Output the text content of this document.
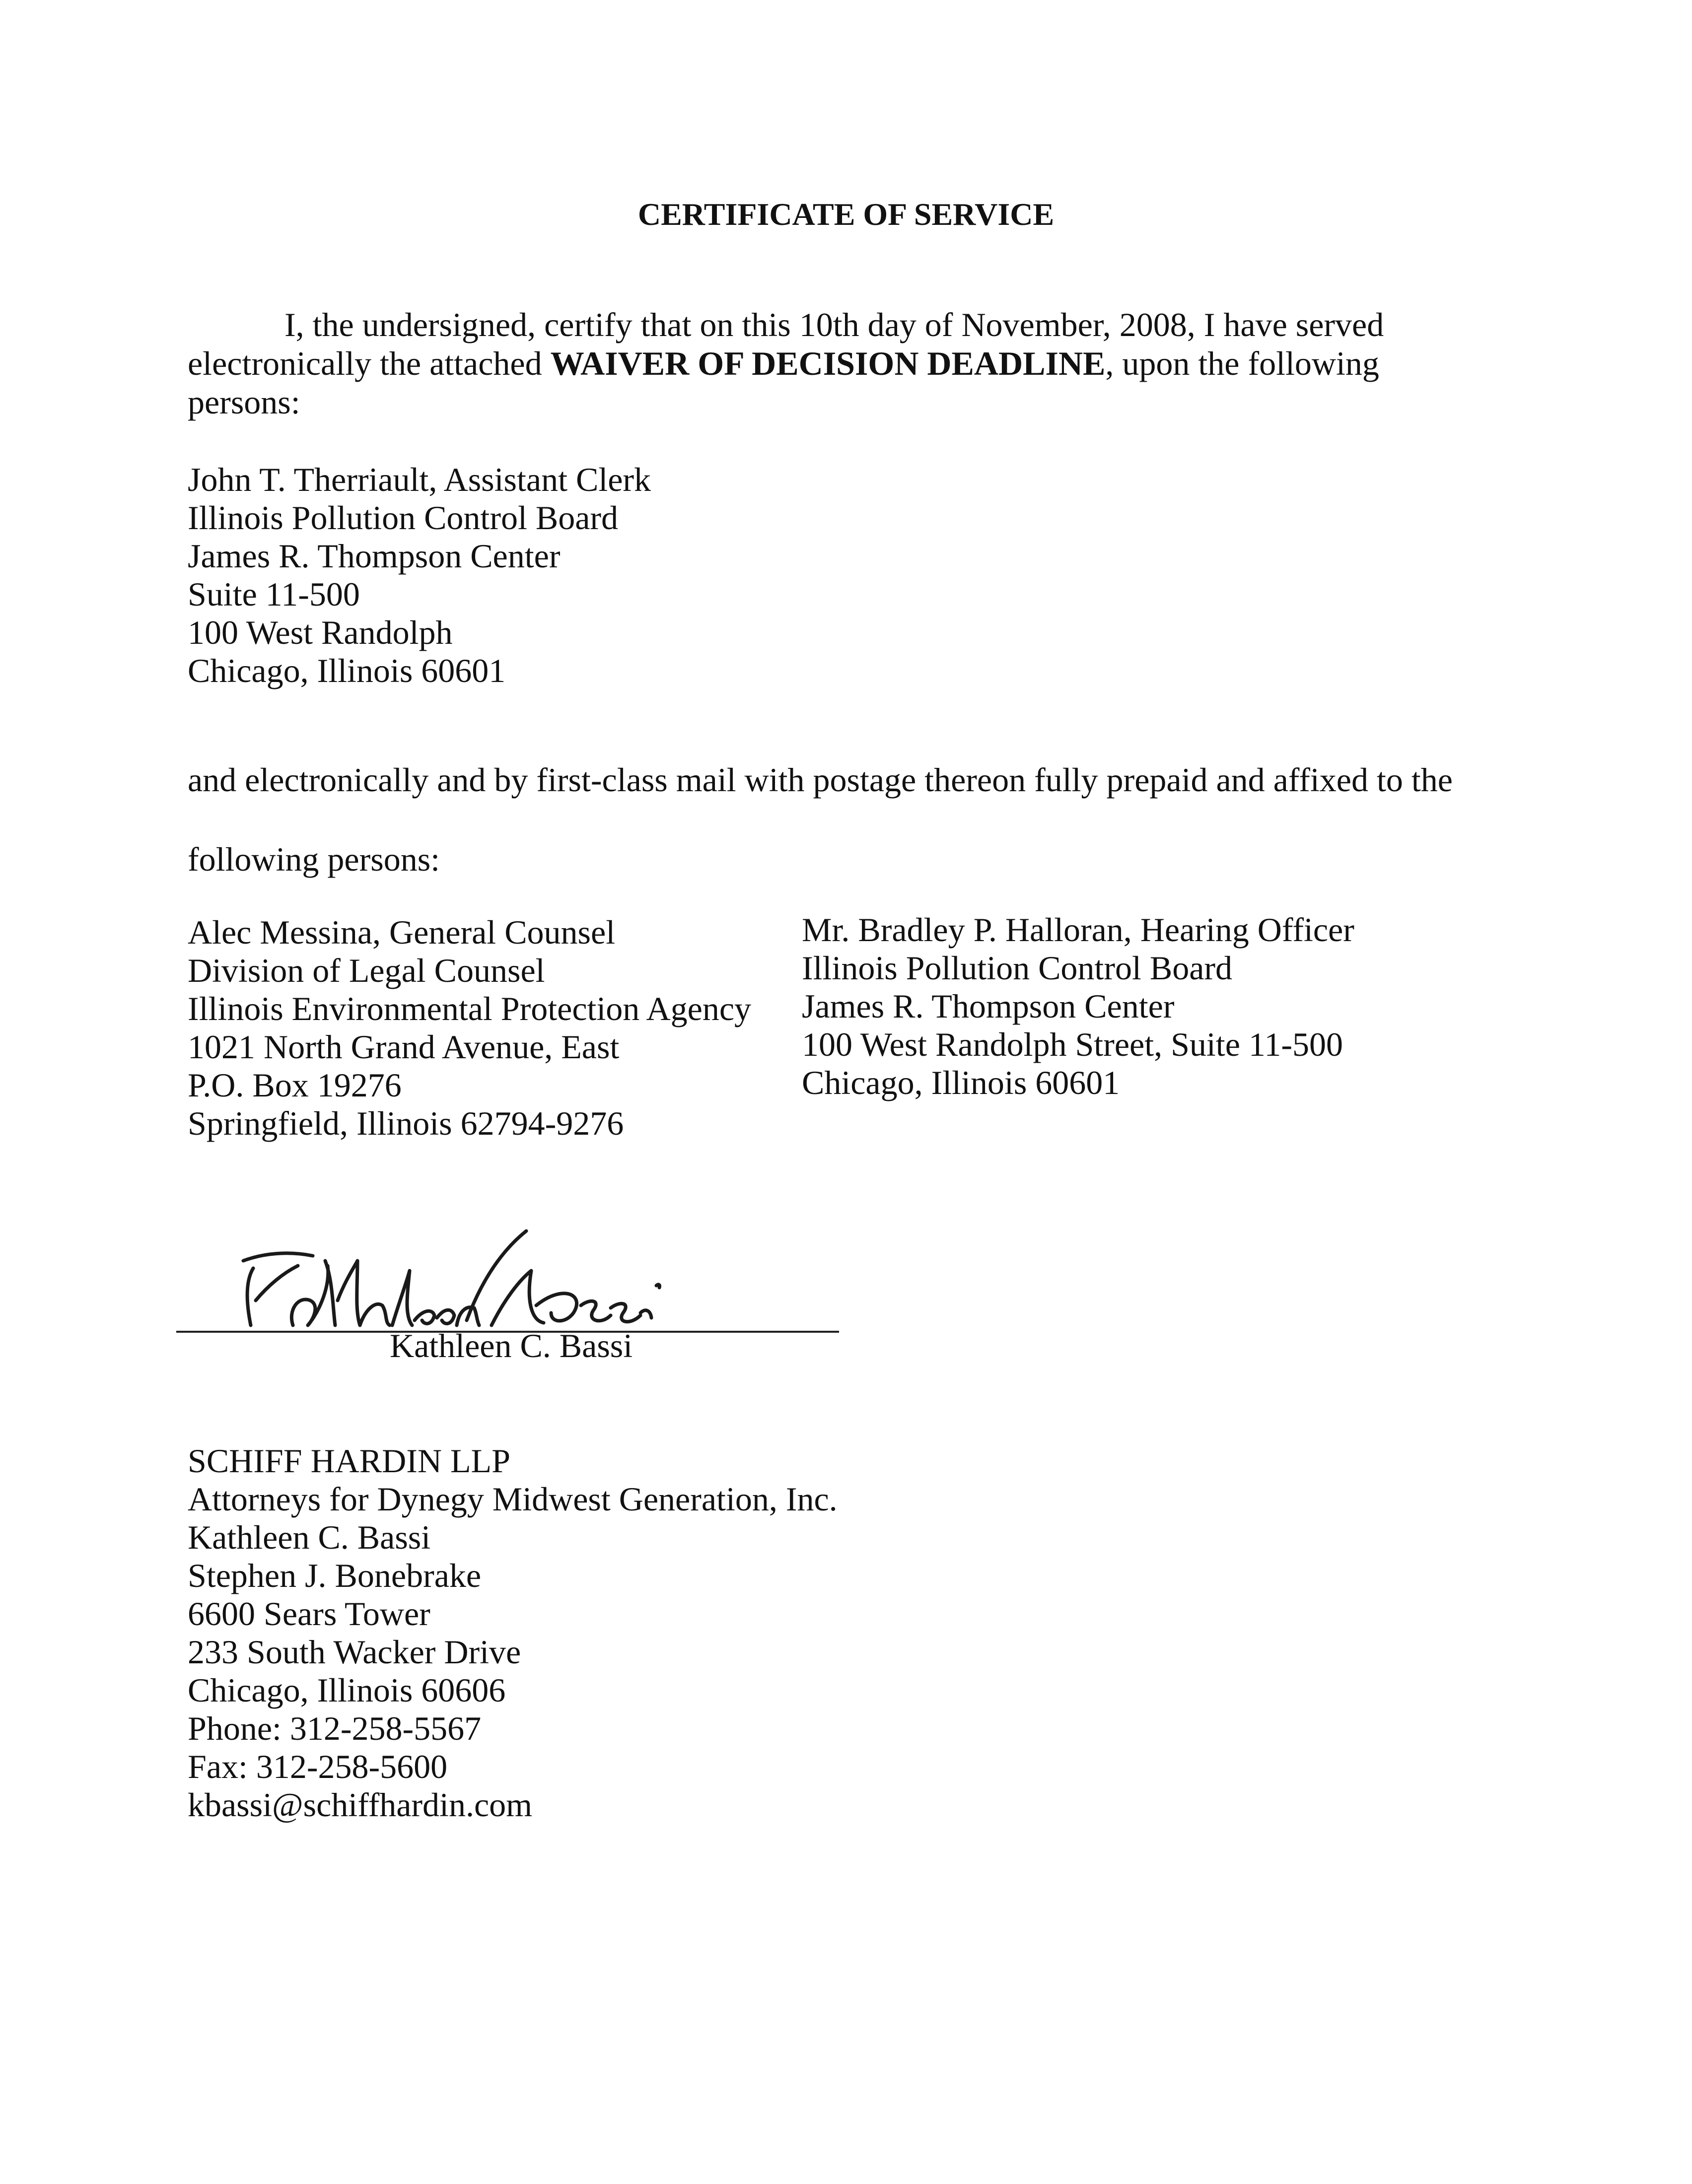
CERTIFICATE OF SERVICE
I, the undersigned, certify that on this 10th day of November, 2008, I have served
electronically the attached WAIVER OF DECISION DEADLINE, upon the following
persons:
John T. Therriault, Assistant Clerk
Illinois Pollution Control Board
James R. Thompson Center
Suite 11-500
100 West Randolph
Chicago, Illinois 60601
and electronically and by first-class mail with postage thereon fully prepaid and affixed to the
following persons:
Alec Messina, General Counsel
Division of Legal Counsel
Illinois Environmental Protection Agency
1021 North Grand Avenue, East
P.O. Box 19276
Springfield, Illinois 62794-9276
Mr. Bradley P. Halloran, Hearing Officer
Illinois Pollution Control Board
James R. Thompson Center
100 West Randolph Street, Suite 11-500
Chicago, Illinois 60601
Kathleen C. Bassi
SCHIFF HARDIN LLP
Attorneys for Dynegy Midwest Generation, Inc.
Kathleen C. Bassi
Stephen J. Bonebrake
6600 Sears Tower
233 South Wacker Drive
Chicago, Illinois 60606
Phone: 312-258-5567
Fax: 312-258-5600
kbassi@schiffhardin.com
